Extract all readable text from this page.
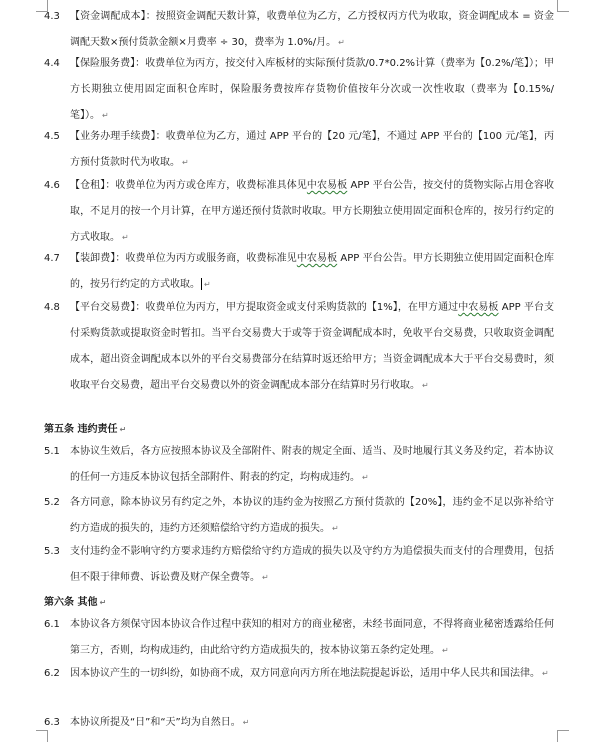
4.3	【资金调配成本】：按照资金调配天数计算，收费单位为乙方，乙方授权丙方代为收取，资金调配成本 = 资金调配天数×预付货款金额×月费率 ÷ 30，费率为 1.0%/月。 ↵
4.4	【保险服务费】：收费单位为丙方，按交付入库板材的实际预付货款/0.7*0.2%计算（费率为【0.2%/笔】）；甲方长期独立使用固定面积仓库时，保险服务费按库存货物价值按年分次或一次性收取（费率为【0.15%/笔】）。 ↵
4.5	【业务办理手续费】：收费单位为乙方，通过 APP 平台的【20 元/笔】，不通过 APP 平台的【100 元/笔】，丙方预付货款时代为收取。 ↵
4.6	【仓租】：收费单位为丙方或仓库方，收费标准具体见中农易板 APP 平台公告，按交付的货物实际占用仓容收取，不足月的按一个月计算，在甲方递还预付货款时收取。甲方长期独立使用固定面积仓库的，按另行约定的方式收取。 ↵
4.7	【装卸费】：收费单位为丙方或服务商，收费标准见中农易板 APP 平台公告。甲方长期独立使用固定面积仓库的，按另行约定的方式收取。 ↵
4.8	【平台交易费】：收费单位为丙方，甲方提取资金或支付采购货款的【1%】，在甲方通过中农易板 APP 平台支付采购货款或提取资金时暂扣。当平台交易费大于或等于资金调配成本时，免收平台交易费，只收取资金调配成本，超出资金调配成本以外的平台交易费部分在结算时返还给甲方；当资金调配成本大于平台交易费时，须收取平台交易费，超出平台交易费以外的资金调配成本部分在结算时另行收取。 ↵
第五条 违约责任 ↵
5.1	本协议生效后，各方应按照本协议及全部附件、附表的规定全面、适当、及时地履行其义务及约定，若本协议的任何一方违反本协议包括全部附件、附表的约定，均构成违约。 ↵
5.2	各方同意，除本协议另有约定之外，本协议的违约金为按照乙方预付货款的【20%】，违约金不足以弥补给守约方造成的损失的，违约方还须赔偿给守约方造成的损失。 ↵
5.3	支付违约金不影响守约方要求违约方赔偿给守约方造成的损失以及守约方为追偿损失而支付的合理费用，包括但不限于律师费、诉讼费及财产保全费等。 ↵
第六条 其他 ↵
6.1	本协议各方须保守因本协议合作过程中获知的相对方的商业秘密，未经书面同意，不得将商业秘密透露给任何第三方，否则，均构成违约，由此给守约方造成损失的，按本协议第五条约定处理。 ↵
6.2	因本协议产生的一切纠纷，如协商不成，双方同意向丙方所在地法院提起诉讼，适用中华人民共和国法律。 ↵
6.3	本协议所提及“日”和“天”均为自然日。 ↵
